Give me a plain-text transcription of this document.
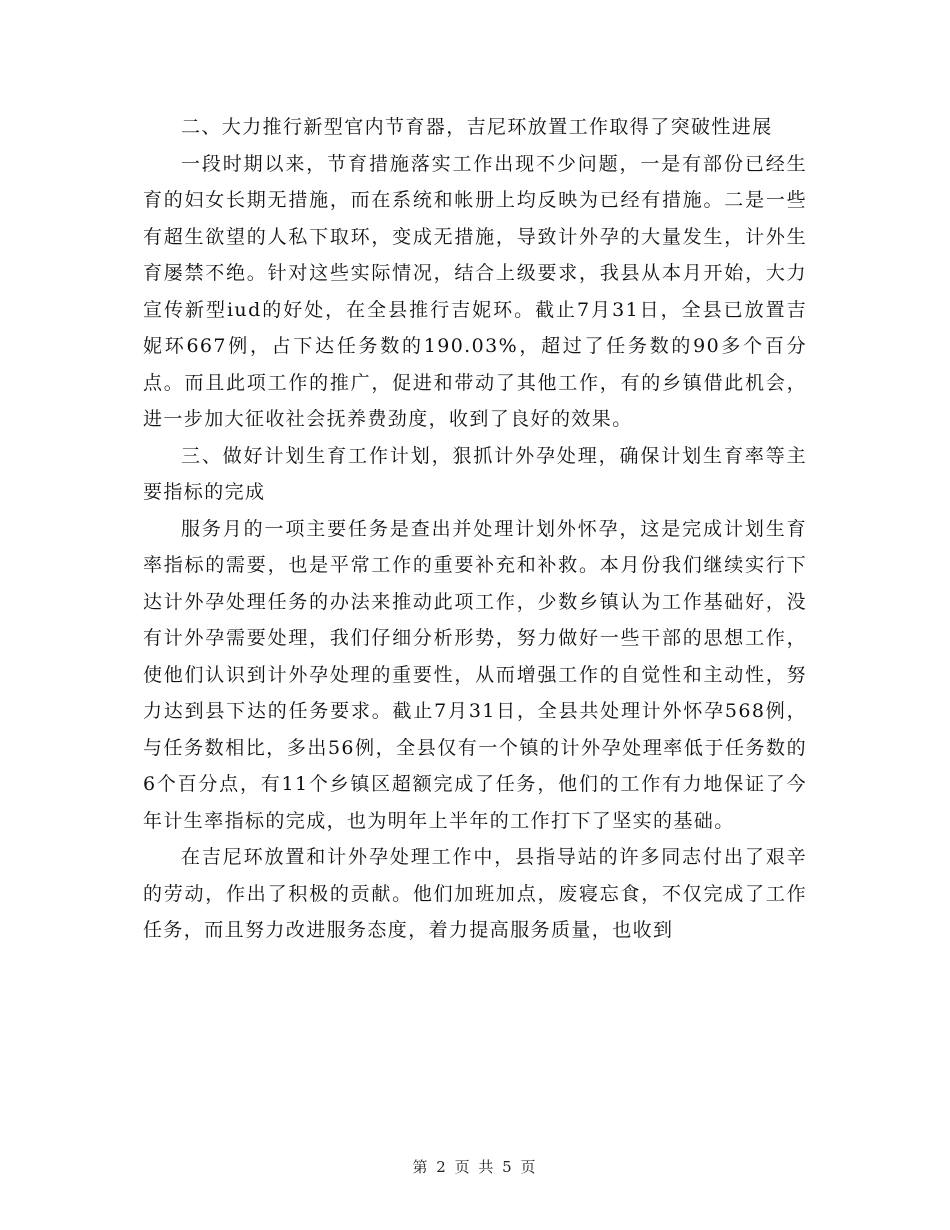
二、大力推行新型官内节育器，吉尼环放置工作取得了突破性进展

一段时期以来，节育措施落实工作出现不少问题，一是有部份已经生育的妇女长期无措施，而在系统和帐册上均反映为已经有措施。二是一些有超生欲望的人私下取环，变成无措施，导致计外孕的大量发生，计外生育屡禁不绝。针对这些实际情况，结合上级要求，我县从本月开始，大力宣传新型iud的好处，在全县推行吉妮环。截止7月31日，全县已放置吉妮环667例，占下达任务数的190.03%，超过了任务数的90多个百分点。而且此项工作的推广，促进和带动了其他工作，有的乡镇借此机会，进一步加大征收社会抚养费劲度，收到了良好的效果。

三、做好计划生育工作计划，狠抓计外孕处理，确保计划生育率等主要指标的完成

服务月的一项主要任务是查出并处理计划外怀孕，这是完成计划生育率指标的需要，也是平常工作的重要补充和补救。本月份我们继续实行下达计外孕处理任务的办法来推动此项工作，少数乡镇认为工作基础好，没有计外孕需要处理，我们仔细分析形势，努力做好一些干部的思想工作，使他们认识到计外孕处理的重要性，从而增强工作的自觉性和主动性，努力达到县下达的任务要求。截止7月31日，全县共处理计外怀孕568例，与任务数相比，多出56例，全县仅有一个镇的计外孕处理率低于任务数的6个百分点，有11个乡镇区超额完成了任务，他们的工作有力地保证了今年计生率指标的完成，也为明年上半年的工作打下了坚实的基础。

在吉尼环放置和计外孕处理工作中，县指导站的许多同志付出了艰辛的劳动，作出了积极的贡献。他们加班加点，废寝忘食，不仅完成了工作任务，而且努力改进服务态度，着力提高服务质量，也收到

第 2 页 共 5 页
